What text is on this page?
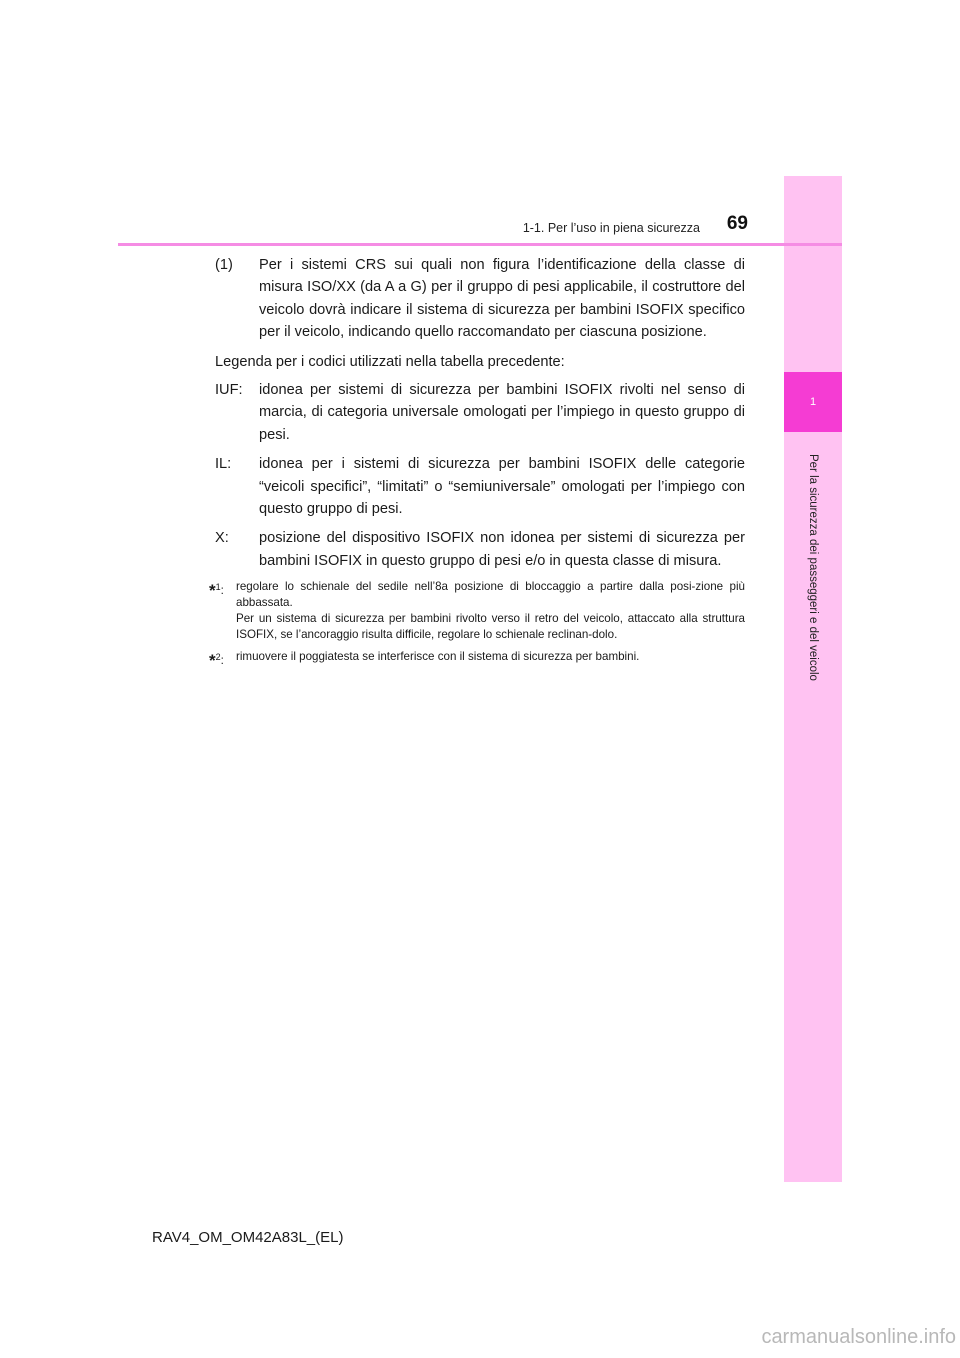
1
Per la sicurezza dei passeggeri e del veicolo
1-1. Per l’uso in piena sicurezza	69
(1)	Per i sistemi CRS sui quali non figura l’identificazione della classe di misura ISO/XX (da A a G) per il gruppo di pesi applicabile, il costruttore del veicolo dovrà indicare il sistema di sicurezza per bambini ISOFIX specifico per il veicolo, indicando quello raccomandato per ciascuna posizione.

Legenda per i codici utilizzati nella tabella precedente:

IUF:	idonea per sistemi di sicurezza per bambini ISOFIX rivolti nel senso di marcia, di categoria universale omologati per l’impiego in questo gruppo di pesi.
IL:	idonea per i sistemi di sicurezza per bambini ISOFIX delle categorie “veicoli specifici”, “limitati” o “semiuniversale” omologati per l’impiego con questo gruppo di pesi.
X:	posizione del dispositivo ISOFIX non idonea per sistemi di sicurezza per bambini ISOFIX in questo gruppo di pesi e/o in questa classe di misura.
*$^1$:	regolare lo schienale del sedile nell’8a posizione di bloccaggio a partire dalla posi-zione più abbassata.

Per un sistema di sicurezza per bambini rivolto verso il retro del veicolo, attaccato alla struttura ISOFIX, se l’ancoraggio risulta difficile, regolare lo schienale reclinan-dolo.

*$^2$:	rimuovere il poggiatesta se interferisce con il sistema di sicurezza per bambini.

RAV4_OM_OM42A83L_(EL)
carmanualsonline.info
